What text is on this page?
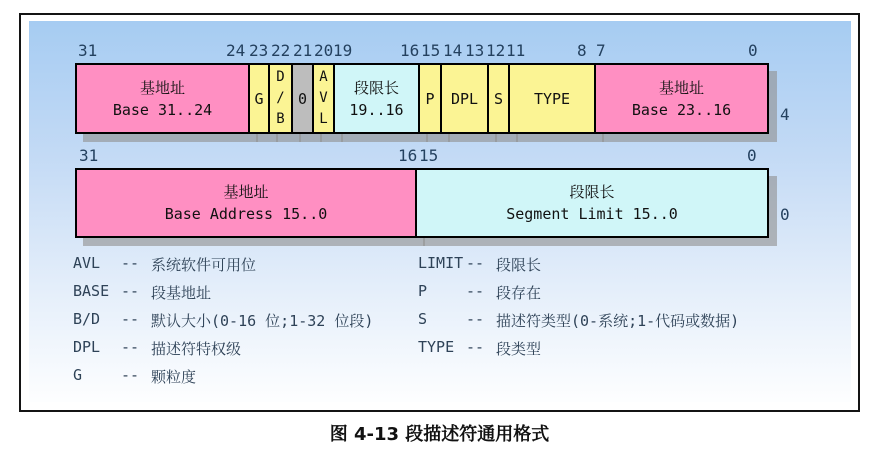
31	24 23 22 21 20 19	16 15 14 13 12 11	8 7	0
基地址
Base 31..24
G
D
/
B
0
A
V
L
段限长
19..16
P DPL S TYPE
基地址
Base 23..16	4
31	16 15	0
基地址
Base Address 15..0
段限长
Segment Limit 15..0	0
AVL	-- 系统软件可用位
BASE -- 段基地址
B/D	-- 默认大小(0-16 位;1-32 位段)
DPL	-- 描述符特权级
G	-- 颗粒度
LIMIT -- 段限长
P	-- 段存在
S	-- 描述符类型(0-系统;1-代码或数据)
TYPE -- 段类型
图 4-13 段描述符通用格式
